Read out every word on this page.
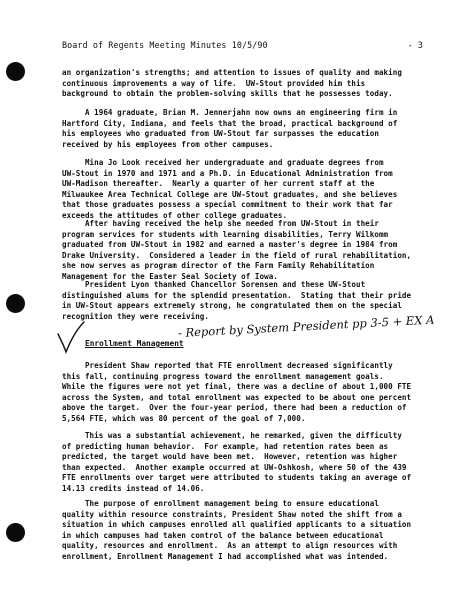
Board of Regents Meeting Minutes 10/5/90	- 3
an organization's strengths; and attention to issues of quality and making
continuous improvements a way of life.  UW-Stout provided him this
background to obtain the problem-solving skills that he possesses today.
A 1964 graduate, Brian M. Jennerjahn now owns an engineering firm in
Hartford City, Indiana, and feels that the broad, practical background of
his employees who graduated from UW-Stout far surpasses the education
received by his employees from other campuses.
Mina Jo Look received her undergraduate and graduate degrees from
UW-Stout in 1970 and 1971 and a Ph.D. in Educational Administration from
UW-Madison thereafter.  Nearly a quarter of her current staff at the
Milwaukee Area Technical College are UW-Stout graduates, and she believes
that those graduates possess a special commitment to their work that far
exceeds the attitudes of other college graduates.
After having received the help she needed from UW-Stout in their
program services for students with learning disabilities, Terry Wilkomm
graduated from UW-Stout in 1982 and earned a master's degree in 1984 from
Drake University.  Considered a leader in the field of rural rehabilitation,
she now serves as program director of the Farm Family Rehabilitation
Management for the Easter Seal Society of Iowa.
President Lyon thanked Chancellor Sorensen and these UW-Stout
distinguished alums for the splendid presentation.  Stating that their pride
in UW-Stout appears extremely strong, he congratulated them on the special
recognition they were receiving.
Enrollment Management
- Report by System President pp 3-5 + EX A
President Shaw reported that FTE enrollment decreased significantly
this fall, continuing progress toward the enrollment management goals.
While the figures were not yet final, there was a decline of about 1,000 FTE
across the System, and total enrollment was expected to be about one percent
above the target.  Over the four-year period, there had been a reduction of
5,564 FTE, which was 80 percent of the goal of 7,000.
This was a substantial achievement, he remarked, given the difficulty
of predicting human behavior.  For example, had retention rates been as
predicted, the target would have been met.  However, retention was higher
than expected.  Another example occurred at UW-Oshkosh, where 50 of the 439
FTE enrollments over target were attributed to students taking an average of
14.13 credits instead of 14.06.
The purpose of enrollment management being to ensure educational
quality within resource constraints, President Shaw noted the shift from a
situation in which campuses enrolled all qualified applicants to a situation
in which campuses had taken control of the balance between educational
quality, resources and enrollment.  As an attempt to align resources with
enrollment, Enrollment Management I had accomplished what was intended.
